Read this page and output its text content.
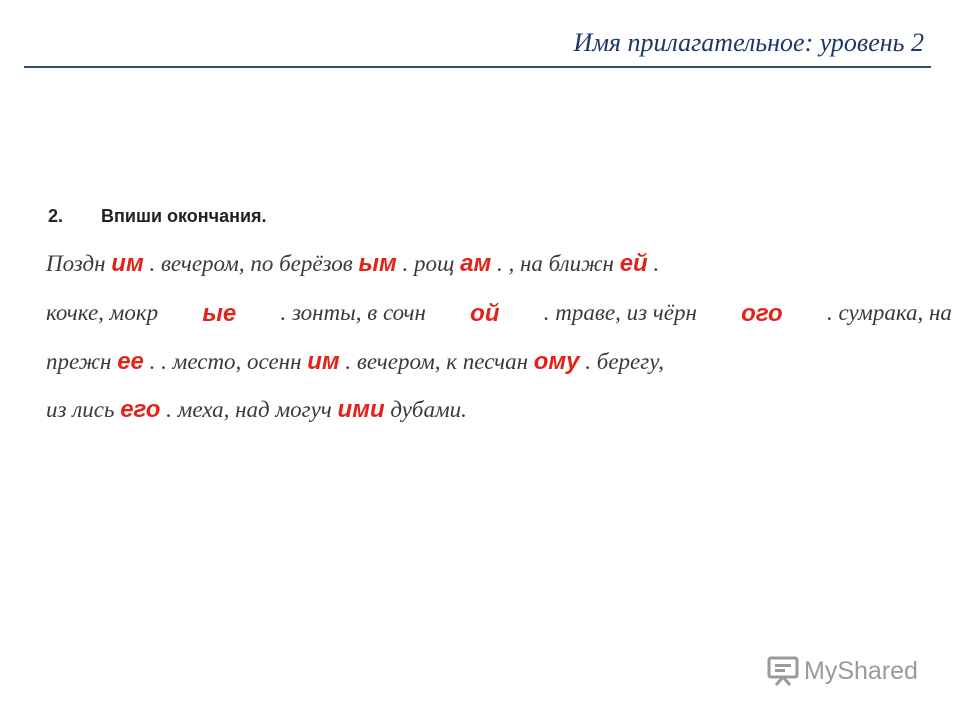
Имя прилагательное: уровень 2
2. Впиши окончания.
Поздн им . вечером, по берёзов ым . рощ ам . , на ближн ей .
кочке, мокр ые . зонты, в сочн ой . траве, из чёрн ого . сумрака, на
прежн ее . . место, осенн им . вечером, к песчан ому . берегу,
из лись его . меха, над могуч ими дубами.
MyShared
